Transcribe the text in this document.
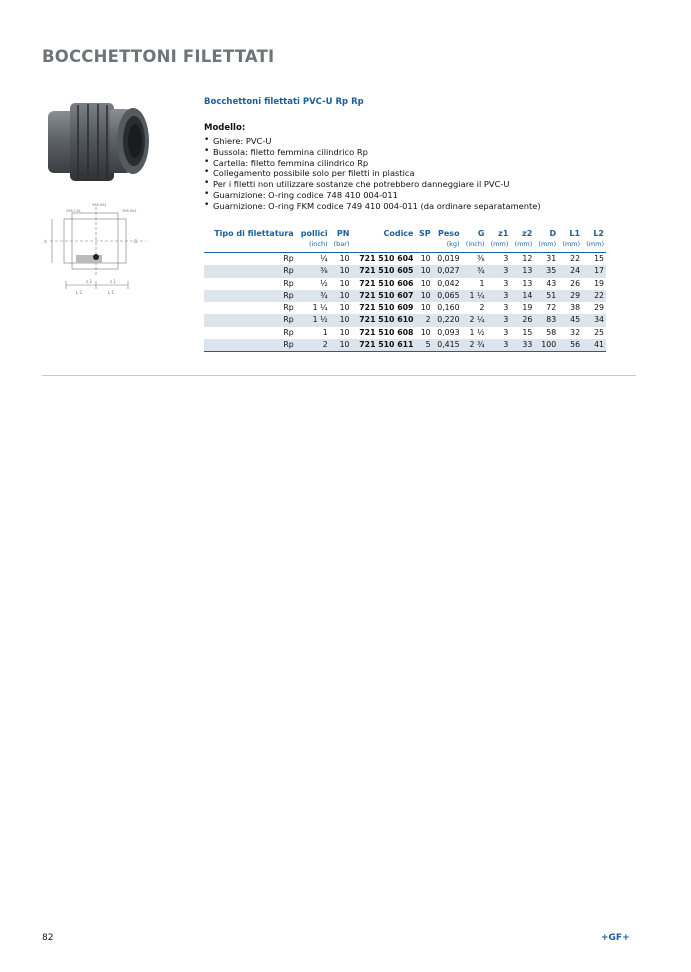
BOCCHETTONI FILETTATI
396.116
396.904
396.904
d	G
z 2	z 1
L 2	L 1
Bocchettoni filettati PVC-U Rp Rp
Modello:
• Ghiere: PVC-U
• Bussola: filetto femmina cilindrico Rp
• Cartella: filetto femmina cilindrico Rp
• Collegamento possibile solo per filetti in plastica
• Per i filetti non utilizzare sostanze che potrebbero danneggiare il PVC-U
• Guarnizione: O-ring codice 748 410 004-011
• Guarnizione: O-ring FKM codice 749 410 004-011 (da ordinare separatamente)
Tipo di filettatura	pollici	PN	Codice	SP	Peso	G	z1	z2	D	L1	L2
	(inch)	(bar)			(kg)	(inch)	(mm)	(mm)	(mm)	(mm)	(mm)
Rp	¼	10	721 510 604	10	0,019	⅜	3	12	31	22	15
Rp	⅜	10	721 510 605	10	0,027	¾	3	13	35	24	17
Rp	½	10	721 510 606	10	0,042	1	3	13	43	26	19
Rp	¾	10	721 510 607	10	0,065	1 ¼	3	14	51	29	22
Rp	1 ¼	10	721 510 609	10	0,160	2	3	19	72	38	29
Rp	1 ½	10	721 510 610	2	0,220	2 ¼	3	26	83	45	34
Rp	1	10	721 510 608	10	0,093	1 ½	3	15	58	32	25
Rp	2	10	721 510 611	5	0,415	2 ¾	3	33	100	56	41
82	+GF+
